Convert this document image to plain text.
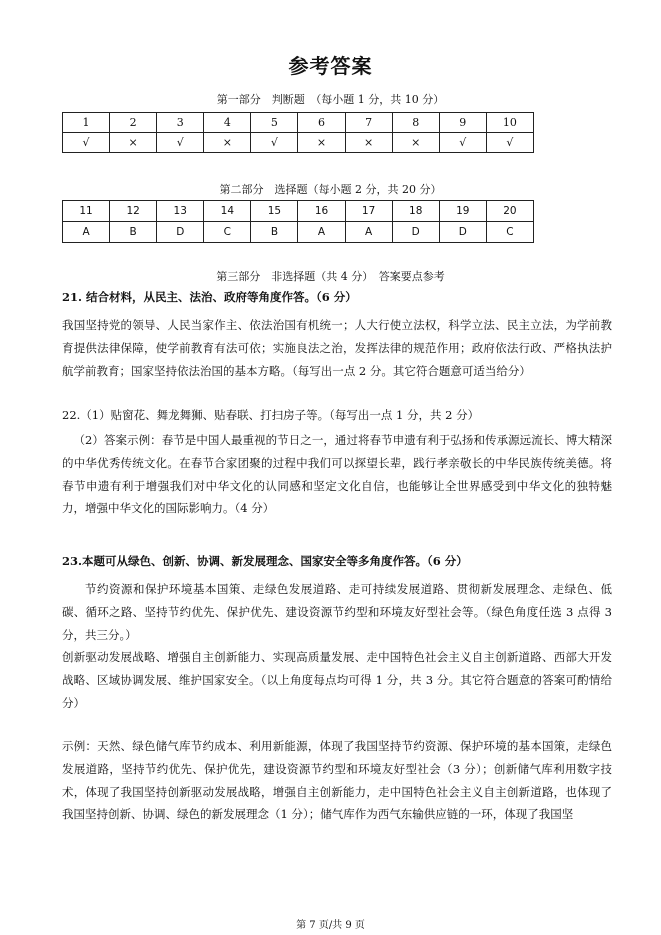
参考答案
第一部分　判断题　（每小题 1 分，共 10 分）
1	2	3	4	5	6	7	8	9	10
√	×	√	×	√	×	×	×	√	√
第二部分　选择题（每小题 2 分，共 20 分）
11	12	13	14	15	16	17	18	19	20
A	B	D	C	B	A	A	D	D	C
第三部分　非选择题（共 4 分）　答案要点参考
21. 结合材料，从民主、法治、政府等角度作答。（6 分）

我国坚持党的领导、人民当家作主、依法治国有机统一；人大行使立法权，科学立法、民主立法，为学前教育提供法律保障，使学前教育有法可依；实施良法之治，发挥法律的规范作用；政府依法行政、严格执法护航学前教育；国家坚持依法治国的基本方略。（每写出一点 2 分。其它符合题意可适当给分）

22.（1）贴窗花、舞龙舞狮、贴春联、打扫房子等。（每写出一点 1 分，共 2 分）

（2）答案示例：春节是中国人最重视的节日之一，通过将春节申遗有利于弘扬和传承源远流长、博大精深的中华优秀传统文化。在春节合家团聚的过程中我们可以探望长辈，践行孝亲敬长的中华民族传统美德。将春节申遗有利于增强我们对中华文化的认同感和坚定文化自信，也能够让全世界感受到中华文化的独特魅力，增强中华文化的国际影响力。（4 分）

23.本题可从绿色、创新、协调、新发展理念、国家安全等多角度作答。（6 分）

节约资源和保护环境基本国策、走绿色发展道路、走可持续发展道路、贯彻新发展理念、走绿色、低碳、循环之路、坚持节约优先、保护优先、建设资源节约型和环境友好型社会等。（绿色角度任选 3 点得 3 分，共三分。）

创新驱动发展战略、增强自主创新能力、实现高质量发展、走中国特色社会主义自主创新道路、西部大开发战略、区域协调发展、维护国家安全。（以上角度每点均可得 1 分，共 3 分。其它符合题意的答案可酌情给分）

示例：天然、绿色储气库节约成本、利用新能源，体现了我国坚持节约资源、保护环境的基本国策，走绿色发展道路，坚持节约优先、保护优先，建设资源节约型和环境友好型社会（3 分）；创新储气库利用数字技术，体现了我国坚持创新驱动发展战略，增强自主创新能力，走中国特色社会主义自主创新道路，也体现了我国坚持创新、协调、绿色的新发展理念（1 分）；储气库作为西气东输供应链的一环，体现了我国坚

第 7 页/共 9 页
